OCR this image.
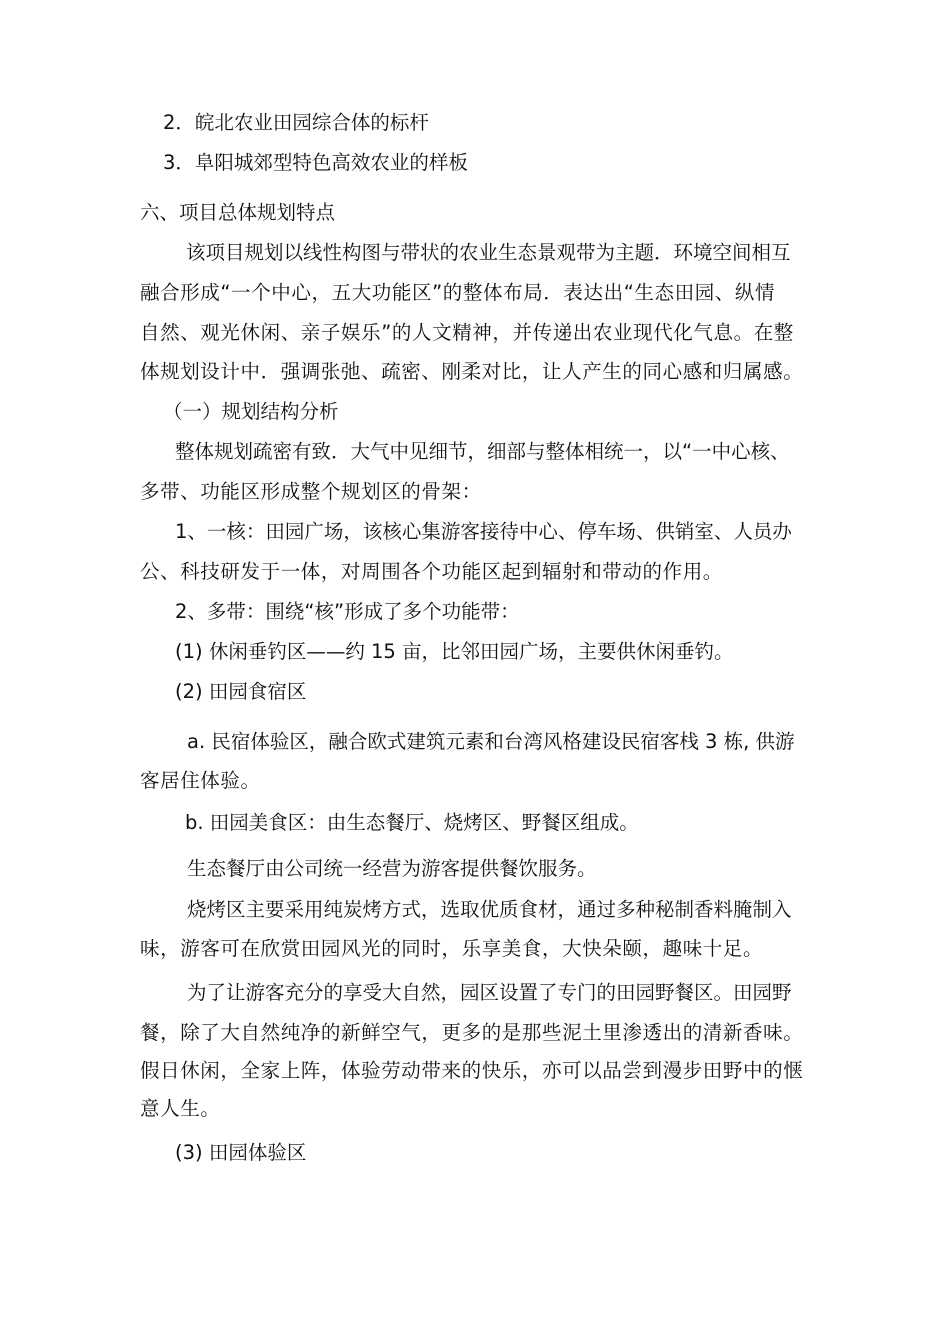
2．皖北农业田园综合体的标杆
3．阜阳城郊型特色高效农业的样板
六、项目总体规划特点
该项目规划以线性构图与带状的农业生态景观带为主题．环境空间相互
融合形成“一个中心，五大功能区”的整体布局．表达出“生态田园、纵情
自然、观光休闲、亲子娱乐”的人文精神，并传递出农业现代化气息。在整
体规划设计中．强调张弛、疏密、刚柔对比，让人产生的同心感和归属感。
（一）规划结构分析
整体规划疏密有致．大气中见细节，细部与整体相统一，以“一中心核、
多带、功能区形成整个规划区的骨架：
1、一核：田园广场，该核心集游客接待中心、停车场、供销室、人员办
公、科技研发于一体，对周围各个功能区起到辐射和带动的作用。
2、多带：围绕“核”形成了多个功能带：
(1) 休闲垂钓区——约 15 亩，比邻田园广场，主要供休闲垂钓。
(2) 田园食宿区
a. 民宿体验区，融合欧式建筑元素和台湾风格建设民宿客栈 3 栋, 供游
客居住体验。
b. 田园美食区：由生态餐厅、烧烤区、野餐区组成。
生态餐厅由公司统一经营为游客提供餐饮服务。
烧烤区主要采用纯炭烤方式，选取优质食材，通过多种秘制香料腌制入
味，游客可在欣赏田园风光的同时，乐享美食，大快朵颐，趣味十足。
为了让游客充分的享受大自然，园区设置了专门的田园野餐区。田园野
餐，除了大自然纯净的新鲜空气，更多的是那些泥土里渗透出的清新香味。
假日休闲，全家上阵，体验劳动带来的快乐，亦可以品尝到漫步田野中的惬
意人生。
(3) 田园体验区
